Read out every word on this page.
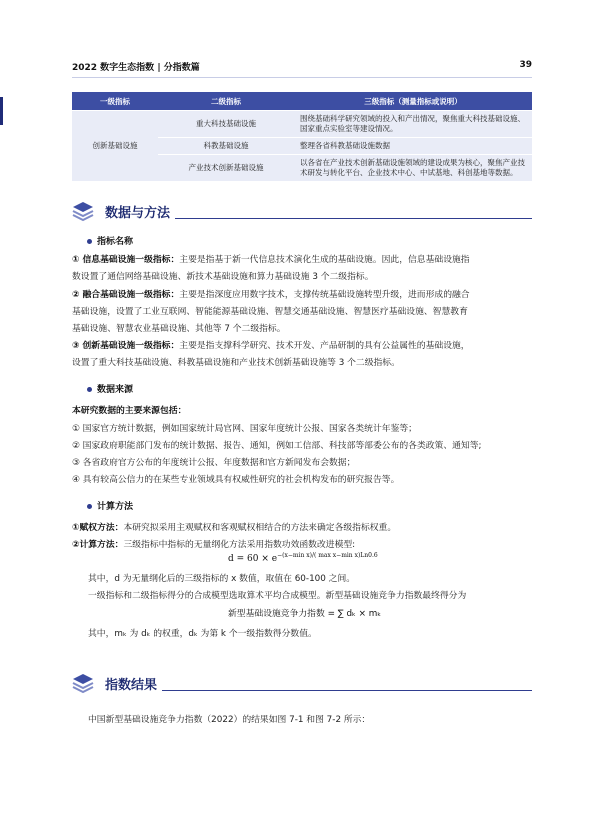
2022 数字生态指数 | 分指数篇	39
一级指标	二级指标	三级指标（测量指标或说明）
创新基础设施	重大科技基础设施	围绕基础科学研究领域的投入和产出情况，聚焦重大科技基础设施、
国家重点实验室等建设情况。

	科教基础设施	整理各省科教基础设施数据

	产业技术创新基础设施	以各省在产业技术创新基础设施领域的建设成果为核心，聚焦产业技
术研发与转化平台、企业技术中心、中试基地、科创基地等数据。
数据与方法
指标名称
① 信息基础设施一级指标：主要是指基于新一代信息技术演化生成的基础设施。因此，信息基础设施指
数设置了通信网络基础设施、新技术基础设施和算力基础设施 3 个二级指标。
② 融合基础设施一级指标：主要是指深度应用数字技术，支撑传统基础设施转型升级，进而形成的融合
基础设施，设置了工业互联网、智能能源基础设施、智慧交通基础设施、智慧医疗基础设施、智慧教育
基础设施、智慧农业基础设施、其他等 7 个二级指标。
③ 创新基础设施一级指标：主要是指支撑科学研究、技术开发、产品研制的具有公益属性的基础设施，
设置了重大科技基础设施、科教基础设施和产业技术创新基础设施等 3 个二级指标。
数据来源
本研究数据的主要来源包括：
① 国家官方统计数据，例如国家统计局官网、国家年度统计公报、国家各类统计年鉴等；
② 国家政府职能部门发布的统计数据、报告、通知，例如工信部、科技部等部委公布的各类政策、通知等;
③ 各省政府官方公布的年度统计公报、年度数据和官方新闻发布会数据；
④ 具有较高公信力的在某些专业领域具有权威性研究的社会机构发布的研究报告等。
计算方法
①赋权方法：本研究拟采用主观赋权和客观赋权相结合的方法来确定各级指标权重。
②计算方法：三级指标中指标的无量纲化方法采用指数功效函数改进模型:
$d = 60 \times e^{-(x-min x)/( max x-min x)Ln0.6}$
其中，d 为无量纲化后的三级指标的 x 数值，取值在 60-100 之间。
一级指标和二级指标得分的合成模型选取算术平均合成模型。新型基础设施竞争力指数最终得分为
新型基础设施竞争力指数 = ∑ dₖ × mₖ
其中，mₖ 为 dₖ 的权重，dₖ 为第 k 个一级指数得分数值。
指数结果
中国新型基础设施竞争力指数（2022）的结果如图 7-1 和图 7-2 所示：
